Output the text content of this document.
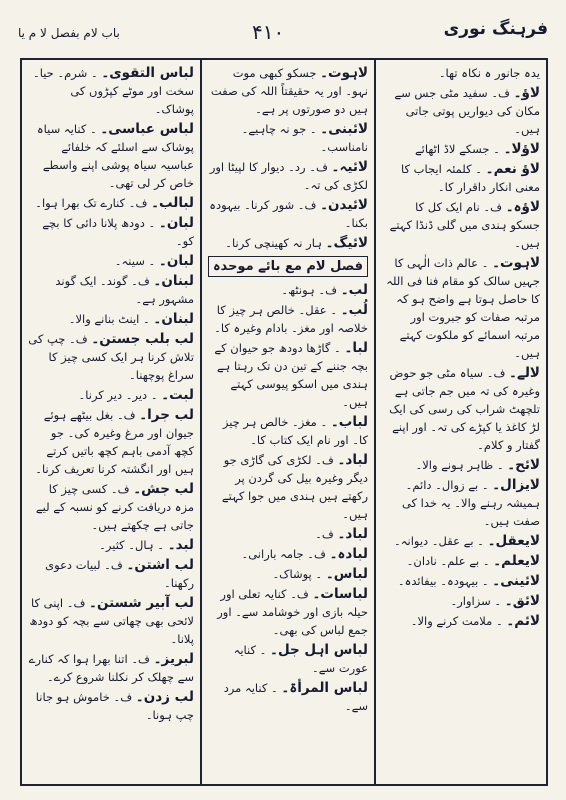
باب لام بفصل لا م یا	۴۱۰	فرہنگ نوری
یدہ جانور ہ نکاہ تھا۔
لاؤ۔ ف۔ سفید مٹی جس سے مکان کی دیواریں پوتی جاتی ہیں۔
لاؤلا۔ ۔ جسکے لاڈ اٹھائے
لاؤ نعم۔ ۔ کلمئہ ایجاب کا معنی انکار داقرار کا۔
لاؤہ۔ ف۔ نام ایک کل کا جسکو ہندی میں گلی ڈنڈا کہتے ہیں۔
لاہوت۔ ۔ عالم ذات الٰہی کا جہیں سالک کو مقام فنا فی اللہ کا حاصل ہوتا ہے واضح ہو کہ مرتبہ صفات کو جبروت اور مرتبہ اسمائے کو ملکوت کہتے ہیں۔
لالے۔ ف۔ سیاہ مٹی جو حوض وغیرہ کی تہ میں جم جاتی ہے تلچھٹ شراب کی رسی کی ایک لڑ کاغذ یا کپڑے کی تہ۔ اور اپنے گفتار و کلام۔
لائح۔ ۔ ظاہر ہونے والا۔
لایزال۔ ۔ بے زوال۔ دائم۔ ہمیشہ رہنے والا۔ یہ خدا کی صفت ہیں۔
لایعقل۔ ۔ بے عقل۔ دیوانہ۔
لایعلم۔ ۔ بے علم۔ نادان۔
لائینی۔ ۔ بیہودہ۔ بیفائدہ۔
لائق۔ ۔ سزاوار۔
لائم۔ ۔ ملامت کرنے والا۔
لاہوت۔ جسکو کبھی موت نہو۔ اور یہ حقیقتاً اللہ کی صفت ہیں دو صورتوں پر ہے۔
لائبنی۔ ۔ جو نہ چاہیے۔ نامناسب۔
لائیہ۔ ف۔ رد۔ دیوار کا لپیٹا اور لکڑی کی تہ۔
لائیدن۔ ف۔ شور کرنا۔ بیہودہ بکنا۔
لائیگ۔ ہار نہ کھینچی کرنا۔
فصل لام مع بائے موحدہ
لب۔ ف۔ ہونٹھ۔
لُب۔ ۔ عقل۔ خالص ہر چیز کا خلاصہ اور مغز۔ بادام وغیرہ کا۔
لبا۔ ۔ گاڑھا دودھ جو حیوان کے بچہ جننے کے تین دن تک رہتا ہے ہندی میں اسکو پیوسی کہتے ہیں۔
لباب۔ ۔ مغز۔ خالص ہر چیز کا۔ اور نام ایک کتاب کا۔
لباد۔ ف۔ لکڑی کی گاڑی جو دیگر وغیرہ بیل کی گردن پر رکھتے ہیں ہندی میں جوا کہتے ہیں۔
لباد۔ ف۔
لبادہ۔ ف۔ جامہ بارانی۔
لباس۔ ۔ پوشاک۔
لباسات۔ ف۔ کنایہ تعلی اور حیلہ بازی اور خوشامد سے۔ اور جمع لباس کی بھی۔
لباس اہل جل۔ ۔ کنایہ عورت سے۔
لباس المرأۃ۔ ۔ کنایہ مرد سے۔
لباس التقوی۔ ۔ شرم۔ حیا۔ سخت اور موٹے کپڑوں کی پوشاک۔
لباس عباسی۔ ۔ کنایہ سیاہ پوشاک سے اسلئے کہ خلفائے عباسیہ سیاہ پوشی اپنے واسطے خاص کر لی تھی۔
لبالب۔ ف۔ کنارے تک بھرا ہوا۔
لبان۔ ۔ دودھ پلانا دائی کا بچے کو۔
لبان۔ ۔ سینہ۔
لبنان۔ ف۔ گوند۔ ایک گوند مشہور ہے۔
لبنان۔ ۔ اینٹ بنانے والا۔
لب بلب جستن۔ ف۔ چپ کی تلاش کرنا ہر ایک کسی چیز کا سراغ پوچھنا۔
لبت۔ ۔ دیر۔ دیر کرنا۔
لب جرا۔ ف۔ بغل بیٹھے ہوئے جیوان اور مرغ وغیرہ کی۔ جو کچھ آدمی باہم کچھ باتیں کرتے ہیں اور انگشتہ کرنا تعریف کرنا۔
لب جش۔ ف۔ کسی چیز کا مزہ دریافت کرنے کو نسبہ کے لیے جاتی ہے چکھتے ہیں۔
لبد۔ ۔ ہال۔ کثیر۔
لب اشتن۔ ف۔ لبیات دعوی رکھنا۔
لب آبیر شستن۔ ف۔ اپنی کا لائحی بھی چھاتی سے بچہ کو دودھ پلانا۔
لبریز۔ ف۔ اتنا بھرا ہوا کہ کنارے سے چھلک کر نکلنا شروع کرے۔
لب زدن۔ ف۔ خاموش ہو جانا چپ ہونا۔
